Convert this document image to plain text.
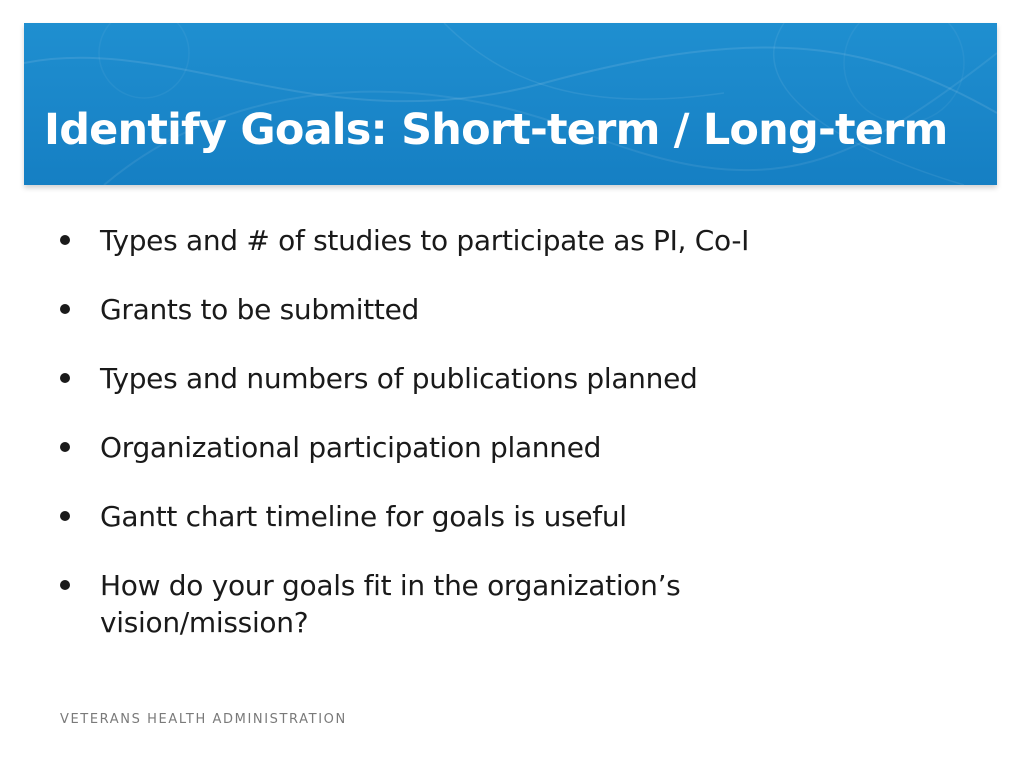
Identify Goals: Short-term / Long-term
Types and # of studies to participate as PI, Co-I
Grants to be submitted
Types and numbers of publications planned
Organizational participation planned
Gantt chart timeline for goals is useful
How do your goals fit in the organization’s vision/mission?
VETERANS HEALTH ADMINISTRATION
